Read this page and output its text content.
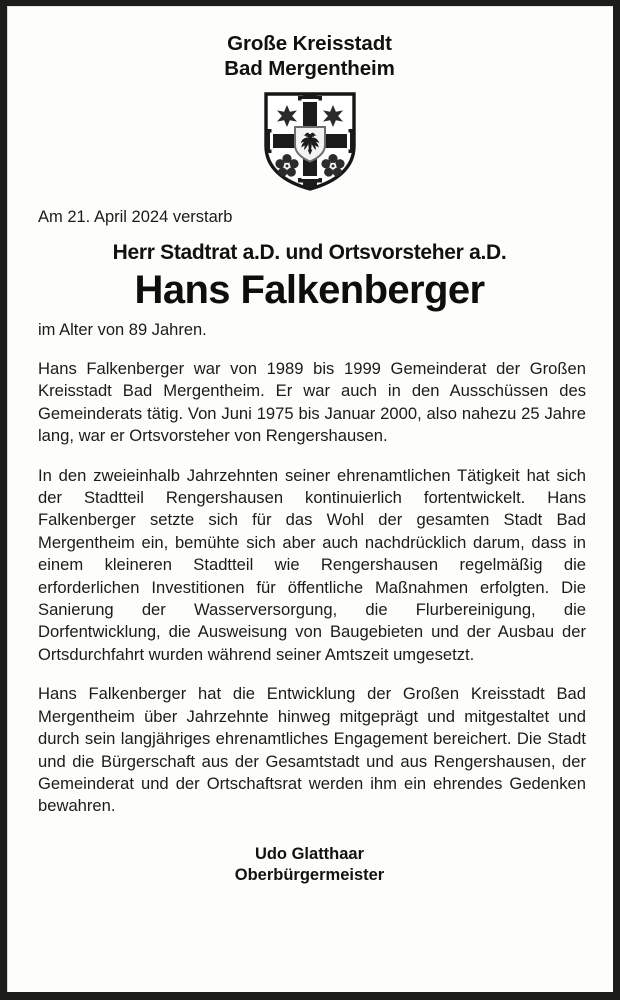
Große Kreisstadt
Bad Mergentheim

Am 21. April 2024 verstarb

Herr Stadtrat a.D. und Ortsvorsteher a.D.

Hans Falkenberger

im Alter von 89 Jahren.

Hans Falkenberger war von 1989 bis 1999 Gemeinderat der Großen Kreisstadt Bad Mergentheim. Er war auch in den Ausschüssen des Gemeinderats tätig. Von Juni 1975 bis Januar 2000, also nahezu 25 Jahre lang, war er Ortsvorsteher von Rengershausen.

In den zweieinhalb Jahrzehnten seiner ehrenamtlichen Tätigkeit hat sich der Stadtteil Rengershausen kontinuierlich fortentwickelt. Hans Falkenberger setzte sich für das Wohl der gesamten Stadt Bad Mergentheim ein, bemühte sich aber auch nachdrücklich darum, dass in einem kleineren Stadtteil wie Rengershausen regelmäßig die erforderlichen Investitionen für öffentliche Maßnahmen erfolgten. Die Sanierung der Wasserversorgung, die Flurbereinigung, die Dorfentwicklung, die Ausweisung von Baugebieten und der Ausbau der Ortsdurchfahrt wurden während seiner Amtszeit umgesetzt.

Hans Falkenberger hat die Entwicklung der Großen Kreisstadt Bad Mergentheim über Jahrzehnte hinweg mitgeprägt und mitgestaltet und durch sein langjähriges ehrenamtliches Engagement bereichert. Die Stadt und die Bürgerschaft aus der Gesamtstadt und aus Rengershausen, der Gemeinderat und der Ortschaftsrat werden ihm ein ehrendes Gedenken bewahren.

Udo Glatthaar
Oberbürgermeister
